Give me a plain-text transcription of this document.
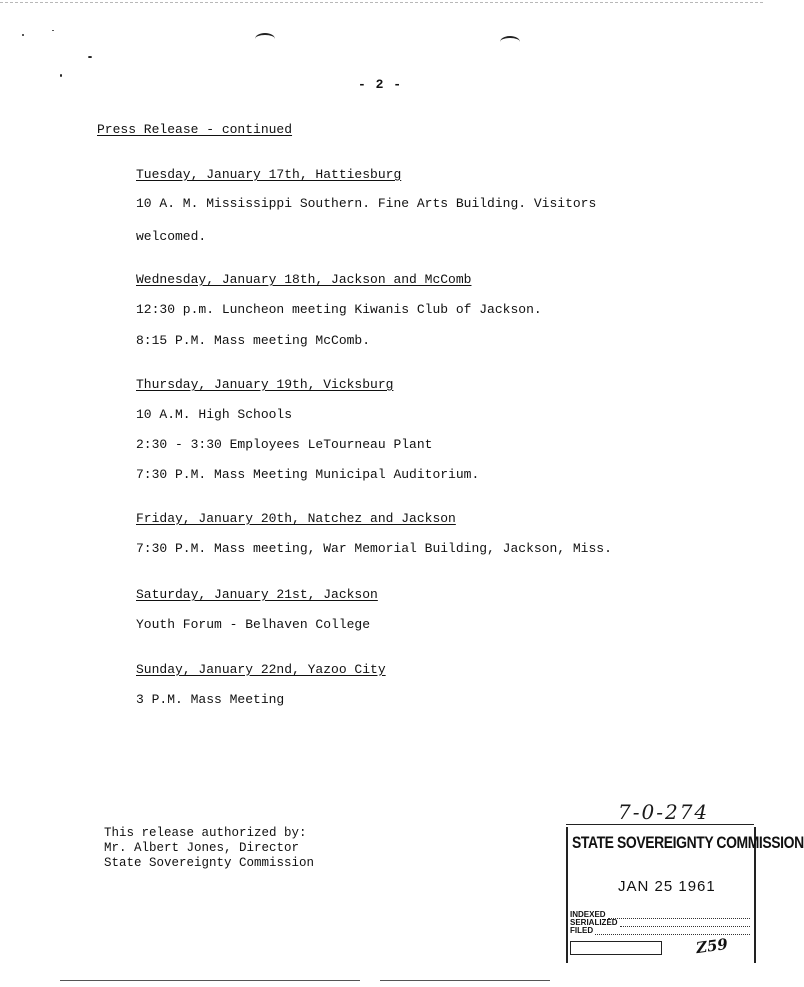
- 2 -

Press Release - continued

Tuesday, January 17th, Hattiesburg

10 A. M. Mississippi Southern. Fine Arts Building. Visitors

welcomed.

Wednesday, January 18th, Jackson and McComb

12:30 p.m. Luncheon meeting Kiwanis Club of Jackson.

8:15 P.M. Mass meeting McComb.

Thursday, January 19th, Vicksburg

10 A.M. High Schools

2:30 - 3:30 Employees LeTourneau Plant

7:30 P.M. Mass Meeting Municipal Auditorium.

Friday, January 20th, Natchez and Jackson

7:30 P.M. Mass meeting, War Memorial Building, Jackson, Miss.

Saturday, January 21st, Jackson

Youth Forum - Belhaven College

Sunday, January 22nd, Yazoo City

3 P.M. Mass Meeting

This release authorized by:
Mr. Albert Jones, Director
State Sovereignty Commission
7-0-274
STATE SOVEREIGNTY COMMISSION
JAN 25 1961
INDEXED
SERIALIZED
FILED
Z59
